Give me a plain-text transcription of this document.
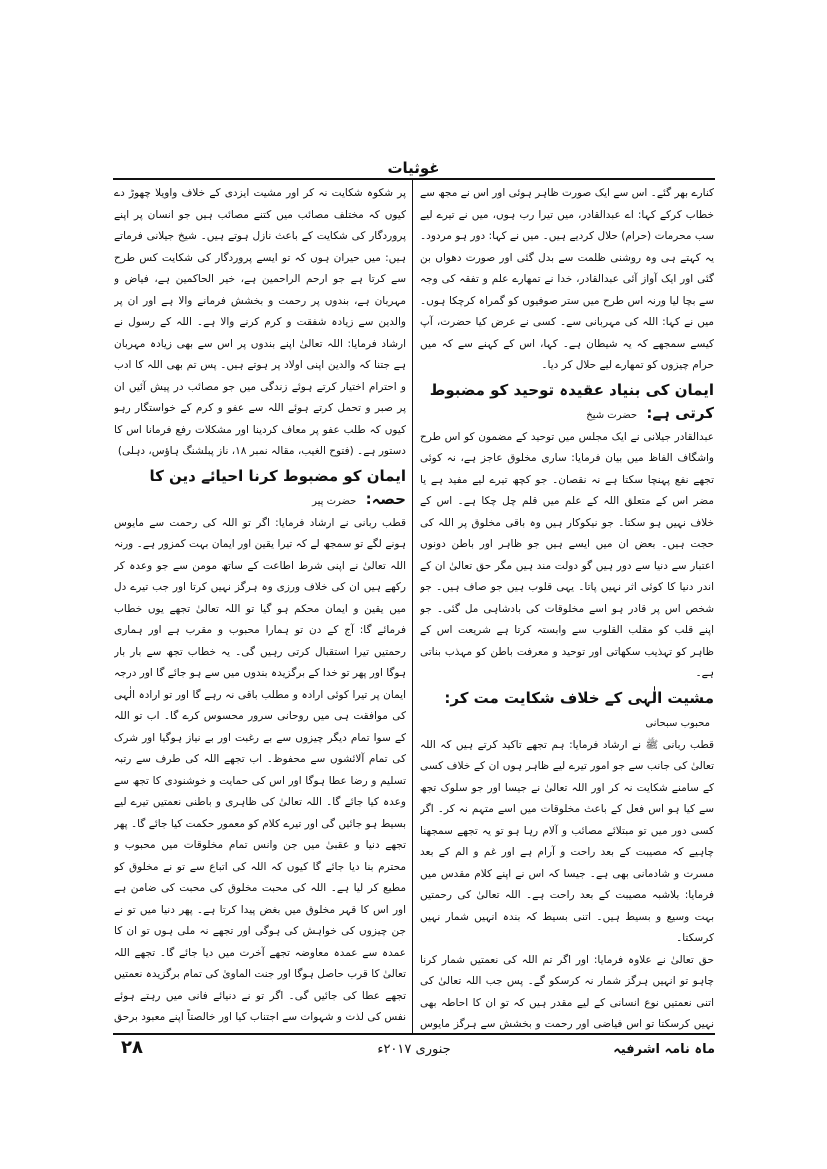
غوثیات

کنارے بھر گئے۔ اس سے ایک صورت ظاہر ہوئی اور اس نے مجھ سے خطاب کرکے کہا: اے عبدالقادر، میں تیرا رب ہوں، میں نے تیرے لیے سب محرمات (حرام) حلال کردیے ہیں۔ میں نے کہا: دور ہو مردود۔ یہ کہتے ہی وہ روشنی ظلمت سے بدل گئی اور صورت دھواں بن گئی اور ایک آواز آئی عبدالقادر، خدا نے تمھارے علم و تفقہ کی وجہ سے بچا لیا ورنہ اس طرح میں ستر صوفیوں کو گمراہ کرچکا ہوں۔ میں نے کہا: اللہ کی مہربانی سے۔ کسی نے عرض کیا حضرت، آپ کیسے سمجھے کہ یہ شیطان ہے۔ کہا، اس کے کہنے سے کہ میں حرام چیزوں کو تمھارے لیے حلال کر دیا۔

ایمان کی بنیاد عقیدہ توحید کو مضبوط کرتی ہے: حضرت شیخ

عبدالقادر جیلانی نے ایک مجلس میں توحید کے مضمون کو اس طرح واشگاف الفاظ میں بیان فرمایا: ساری مخلوق عاجز ہے، نہ کوئی تجھے نفع پہنچا سکتا ہے نہ نقصان۔ جو کچھ تیرے لیے مفید ہے یا مضر اس کے متعلق اللہ کے علم میں قلم چل چکا ہے۔ اس کے خلاف نہیں ہو سکتا۔ جو نیکوکار ہیں وہ باقی مخلوق پر اللہ کی حجت ہیں۔ بعض ان میں ایسے ہیں جو ظاہر اور باطن دونوں اعتبار سے دنیا سے دور ہیں گو دولت مند ہیں مگر حق تعالیٰ ان کے اندر دنیا کا کوئی اثر نہیں پاتا۔ یہی قلوب ہیں جو صاف ہیں۔ جو شخص اس پر قادر ہو اسے مخلوقات کی بادشاہی مل گئی۔ جو اپنے قلب کو مقلب القلوب سے وابستہ کرتا ہے شریعت اس کے ظاہر کو تہذیب سکھاتی اور توحید و معرفت باطن کو مہذب بناتی ہے۔

مشیت الٰہی کے خلاف شکایت مت کر: محبوب سبحانی

قطب ربانی ﷺ نے ارشاد فرمایا: ہم تجھے تاکید کرتے ہیں کہ اللہ تعالیٰ کی جانب سے جو امور تیرے لیے ظاہر ہوں ان کے خلاف کسی کے سامنے شکایت نہ کر اور اللہ تعالیٰ نے جیسا اور جو سلوک تجھ سے کیا ہو اس فعل کے باعث مخلوقات میں اسے متہم نہ کر۔ اگر کسی دور میں تو مبتلائے مصائب و آلام رہا ہو تو یہ تجھے سمجھنا چاہیے کہ مصیبت کے بعد راحت و آرام ہے اور غم و الم کے بعد مسرت و شادمانی بھی ہے۔ جیسا کہ اس نے اپنے کلام مقدس میں فرمایا: بلاشبہ مصیبت کے بعد راحت ہے۔ اللہ تعالیٰ کی رحمتیں بہت وسیع و بسیط ہیں۔ اتنی بسیط کہ بندہ انہیں شمار نہیں کرسکتا۔

حق تعالیٰ نے علاوہ فرمایا: اور اگر تم اللہ کی نعمتیں شمار کرنا چاہو تو انہیں ہرگز شمار نہ کرسکو گے۔ پس جب اللہ تعالیٰ کی اتنی نعمتیں نوع انسانی کے لیے مقدر ہیں کہ تو ان کا احاطہ بھی نہیں کرسکتا تو اس فیاضی اور رحمت و بخشش سے ہرگز مایوس

پر شکوہ شکایت نہ کر اور مشیت ایزدی کے خلاف واویلا چھوڑ دے کیوں کہ مختلف مصائب میں کتنے مصائب ہیں جو انسان پر اپنے پروردگار کی شکایت کے باعث نازل ہوتے ہیں۔ شیخ جیلانی فرماتے ہیں: میں حیران ہوں کہ تو ایسے پروردگار کی شکایت کس طرح سے کرتا ہے جو ارحم الراحمین ہے، خیر الحاکمین ہے، فیاض و مہربان ہے، بندوں پر رحمت و بخشش فرمانے والا ہے اور ان پر والدین سے زیادہ شفقت و کرم کرنے والا ہے۔ اللہ کے رسول نے ارشاد فرمایا: اللہ تعالیٰ اپنے بندوں پر اس سے بھی زیادہ مہربان ہے جتنا کہ والدین اپنی اولاد پر ہوتے ہیں۔ پس تم بھی اللہ کا ادب و احترام اختیار کرتے ہوئے زندگی میں جو مصائب در پیش آئیں ان پر صبر و تحمل کرتے ہوئے اللہ سے عفو و کرم کے خواستگار رہو کیوں کہ طلب عفو پر معاف کردینا اور مشکلات رفع فرمانا اس کا دستور ہے۔ (فتوح الغیب، مقالہ نمبر ۱۸، ناز پبلشنگ ہاؤس، دہلی)

ایمان کو مضبوط کرنا احیائے دین کا حصہ: حضرت پیر

قطب ربانی نے ارشاد فرمایا: اگر تو اللہ کی رحمت سے مایوس ہونے لگے تو سمجھ لے کہ تیرا یقین اور ایمان بہت کمزور ہے۔ ورنہ اللہ تعالیٰ نے اپنی شرط اطاعت کے ساتھ مومن سے جو وعدہ کر رکھے ہیں ان کی خلاف ورزی وہ ہرگز نہیں کرتا اور جب تیرے دل میں یقین و ایمان محکم ہو گیا تو اللہ تعالیٰ تجھے یوں خطاب فرمائے گا: آج کے دن تو ہمارا محبوب و مقرب ہے اور ہماری رحمتیں تیرا استقبال کرتی رہیں گی۔ یہ خطاب تجھ سے بار بار ہوگا اور پھر تو خدا کے برگزیدہ بندوں میں سے ہو جائے گا اور درجہ ایمان پر تیرا کوئی ارادہ و مطلب باقی نہ رہے گا اور تو ارادہ الٰہی کی موافقت ہی میں روحانی سرور محسوس کرے گا۔ اب تو اللہ کے سوا تمام دیگر چیزوں سے بے رغبت اور بے نیاز ہوگیا اور شرک کی تمام آلائشوں سے محفوظ۔ اب تجھے اللہ کی طرف سے رتبہ تسلیم و رضا عطا ہوگا اور اس کی حمایت و خوشنودی کا تجھ سے وعدہ کیا جائے گا۔ اللہ تعالیٰ کی ظاہری و باطنی نعمتیں تیرے لیے بسیط ہو جائیں گی اور تیرے کلام کو معمور حکمت کیا جائے گا۔ پھر تجھے دنیا و عقبیٰ میں جن وانس تمام مخلوقات میں محبوب و محترم بنا دیا جائے گا کیوں کہ اللہ کی اتباع سے تو نے مخلوق کو مطیع کر لیا ہے۔ اللہ کی محبت مخلوق کی محبت کی ضامن ہے اور اس کا قہر مخلوق میں بغض پیدا کرتا ہے۔ پھر دنیا میں تو نے جن چیزوں کی خواہش کی ہوگی اور تجھے نہ ملی ہوں تو ان کا عمدہ سے عمدہ معاوضہ تجھے آخرت میں دیا جائے گا۔ تجھے اللہ تعالیٰ کا قرب حاصل ہوگا اور جنت الماویٰ کی تمام برگزیدہ نعمتیں تجھے عطا کی جائیں گی۔ اگر تو نے دنیائے فانی میں رہتے ہوئے نفس کی لذت و شہوات سے اجتناب کیا اور خالصتاً اپنے معبود برحق

ماہ نامہ اشرفیہ
جنوری ۲۰۱۷ء
۲۸
